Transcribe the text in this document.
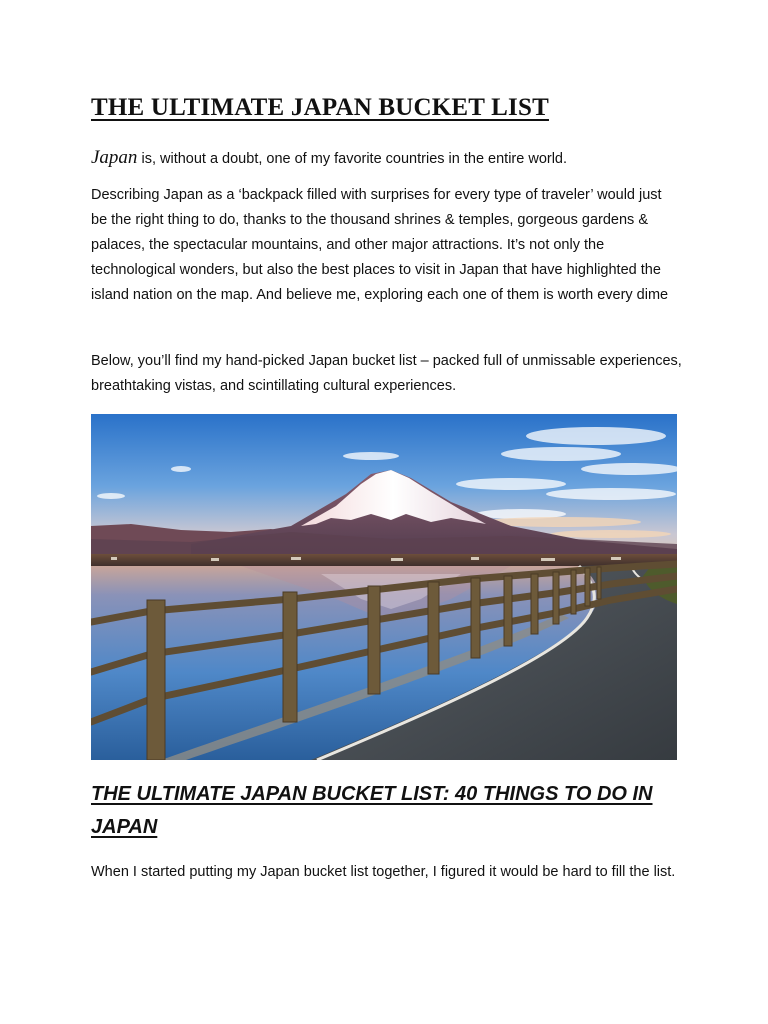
THE ULTIMATE JAPAN BUCKET LIST

Japan is, without a doubt, one of my favorite countries in the entire world.

Describing Japan as a ‘backpack filled with surprises for every type of traveler’ would just be the right thing to do, thanks to the thousand shrines & temples, gorgeous gardens & palaces, the spectacular mountains, and other major attractions. It’s not only the technological wonders, but also the best places to visit in Japan that have highlighted the island nation on the map. And believe me, exploring each one of them is worth every dime

Below, you’ll find my hand-picked Japan bucket list – packed full of unmissable experiences, breathtaking vistas, and scintillating cultural experiences.

THE ULTIMATE JAPAN BUCKET LIST: 40 THINGS TO DO IN JAPAN

When I started putting my Japan bucket list together, I figured it would be hard to fill the list.
